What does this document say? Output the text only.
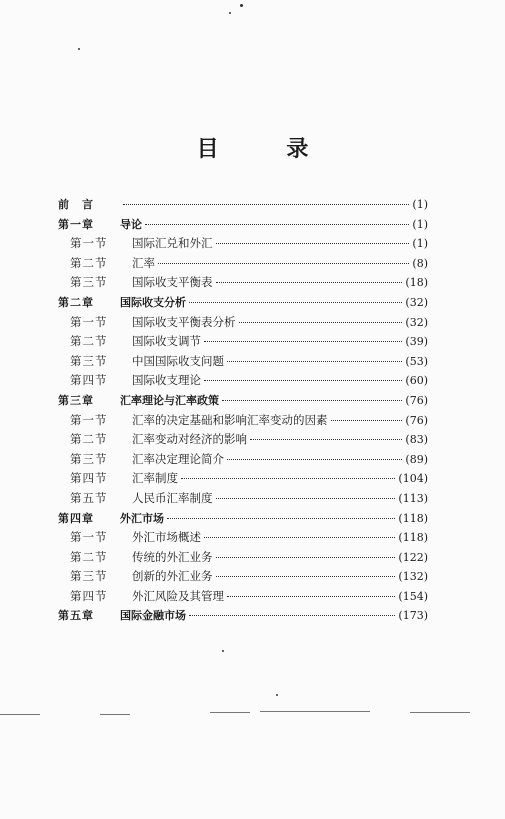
目 录
前　言	(1)
第一章	导论	(1)
第一节	国际汇兑和外汇	(1)
第二节	汇率	(8)
第三节	国际收支平衡表	(18)
第二章	国际收支分析	(32)
第一节	国际收支平衡表分析	(32)
第二节	国际收支调节	(39)
第三节	中国国际收支问题	(53)
第四节	国际收支理论	(60)
第三章	汇率理论与汇率政策	(76)
第一节	汇率的决定基础和影响汇率变动的因素	(76)
第二节	汇率变动对经济的影响	(83)
第三节	汇率决定理论简介	(89)
第四节	汇率制度	(104)
第五节	人民币汇率制度	(113)
第四章	外汇市场	(118)
第一节	外汇市场概述	(118)
第二节	传统的外汇业务	(122)
第三节	创新的外汇业务	(132)
第四节	外汇风险及其管理	(154)
第五章	国际金融市场	(173)
